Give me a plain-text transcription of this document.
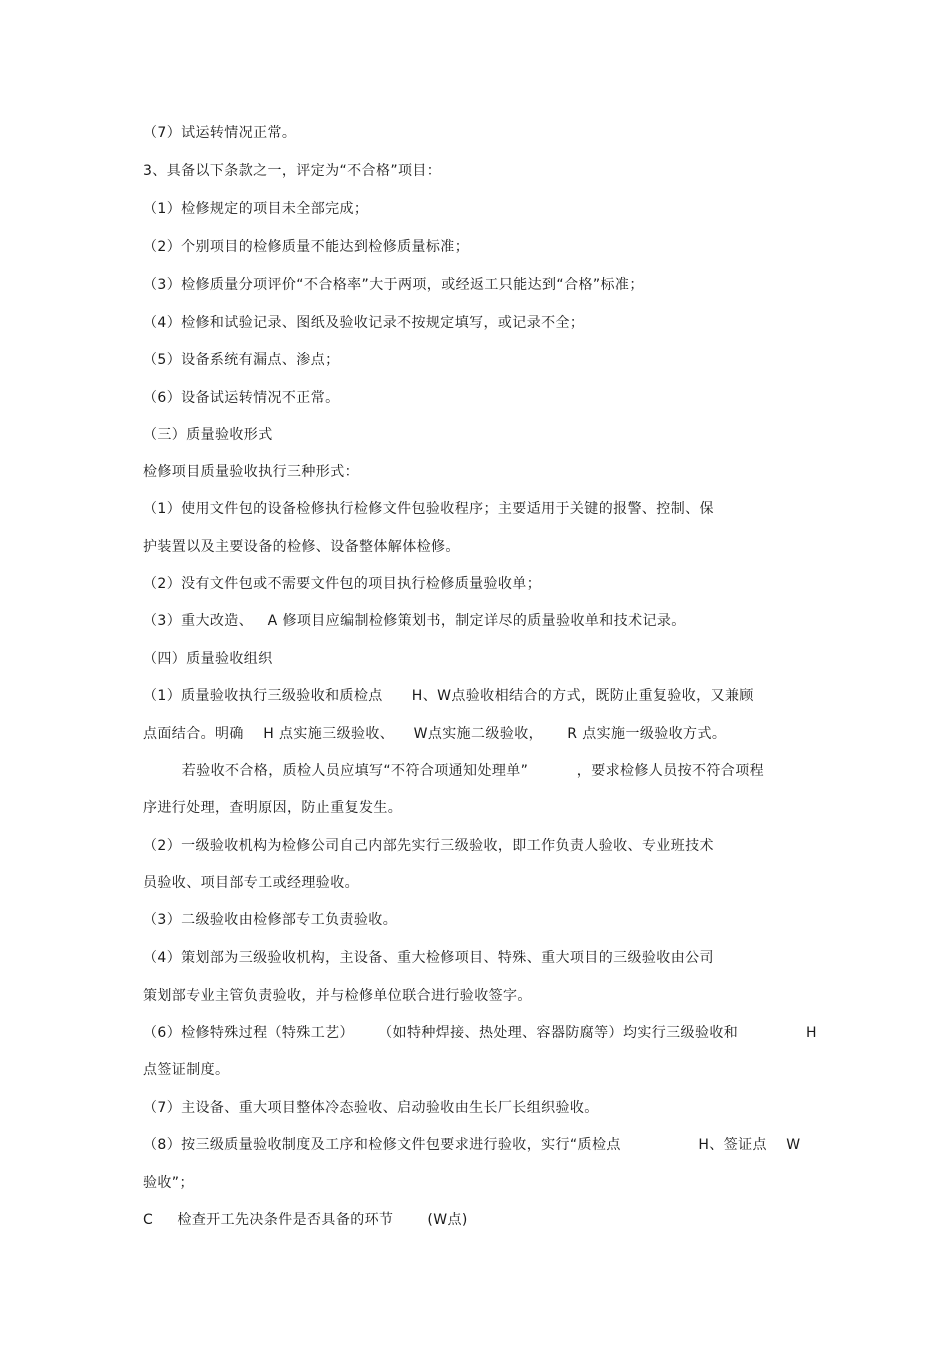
（7）试运转情况正常。
3、具备以下条款之一，评定为“不合格”项目：
（1）检修规定的项目未全部完成；
（2）个别项目的检修质量不能达到检修质量标准；
（3）检修质量分项评价“不合格率”大于两项，或经返工只能达到“合格”标准；
（4）检修和试验记录、图纸及验收记录不按规定填写，或记录不全；
（5）设备系统有漏点、渗点；
（6）设备试运转情况不正常。
（三）质量验收形式
检修项目质量验收执行三种形式：
（1）使用文件包的设备检修执行检修文件包验收程序；主要适用于关键的报警、控制、保
护装置以及主要设备的检修、设备整体解体检修。
（2）没有文件包或不需要文件包的项目执行检修质量验收单；
（3）重大改造、   A 修项目应编制检修策划书，制定详尽的质量验收单和技术记录。
（四）质量验收组织
（1）质量验收执行三级验收和质检点      H、W点验收相结合的方式，既防止重复验收，又兼顾
点面结合。明确    H 点实施三级验收、    W点实施二级验收，     R 点实施一级验收方式。
若验收不合格，质检人员应填写“不符合项通知处理单”          ，要求检修人员按不符合项程
序进行处理，查明原因，防止重复发生。
（2）一级验收机构为检修公司自己内部先实行三级验收，即工作负责人验收、专业班技术
员验收、项目部专工或经理验收。
（3）二级验收由检修部专工负责验收。
（4）策划部为三级验收机构，主设备、重大检修项目、特殊、重大项目的三级验收由公司
策划部专业主管负责验收，并与检修单位联合进行验收签字。
（6）检修特殊过程（特殊工艺）     （如特种焊接、热处理、容器防腐等）均实行三级验收和              H
点签证制度。
（7）主设备、重大项目整体冷态验收、启动验收由生长厂长组织验收。
（8）按三级质量验收制度及工序和检修文件包要求进行验收，实行“质检点                H、签证点    W
验收”；
C     检查开工先决条件是否具备的环节       (W点)
